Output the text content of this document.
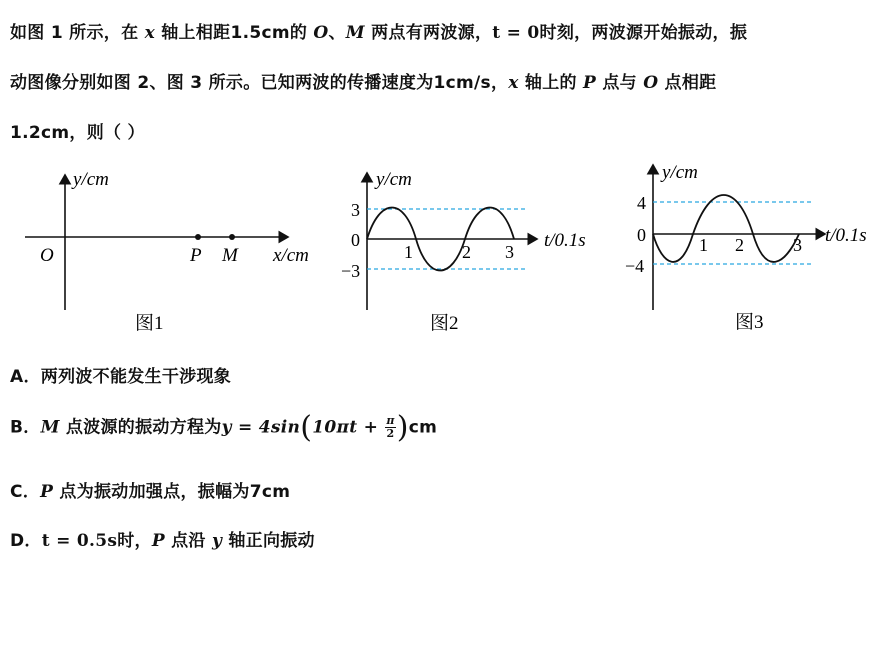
如图 1 所示，在 x 轴上相距1.5cm的 O、M 两点有两波源，t = 0时刻，两波源开始振动，振
动图像分别如图 2、图 3 所示。已知两波的传播速度为1cm/s，x 轴上的 P 点与 O 点相距
1.2cm，则（ ）
y/cm
O	P M x/cm
图1
y/cm
3
0
−3
1	2 3
t/0.1s
图2
y/cm
4
0
−4
1 2	3 t/0.1s
图3
A．两列波不能发生干涉现象
B．M 点波源的振动方程为$y = 4\sin(10\pi t + \frac{\pi}{2} )cm$
C．P 点为振动加强点，振幅为7cm
D．t = 0.5s时，P 点沿 y 轴正向振动
